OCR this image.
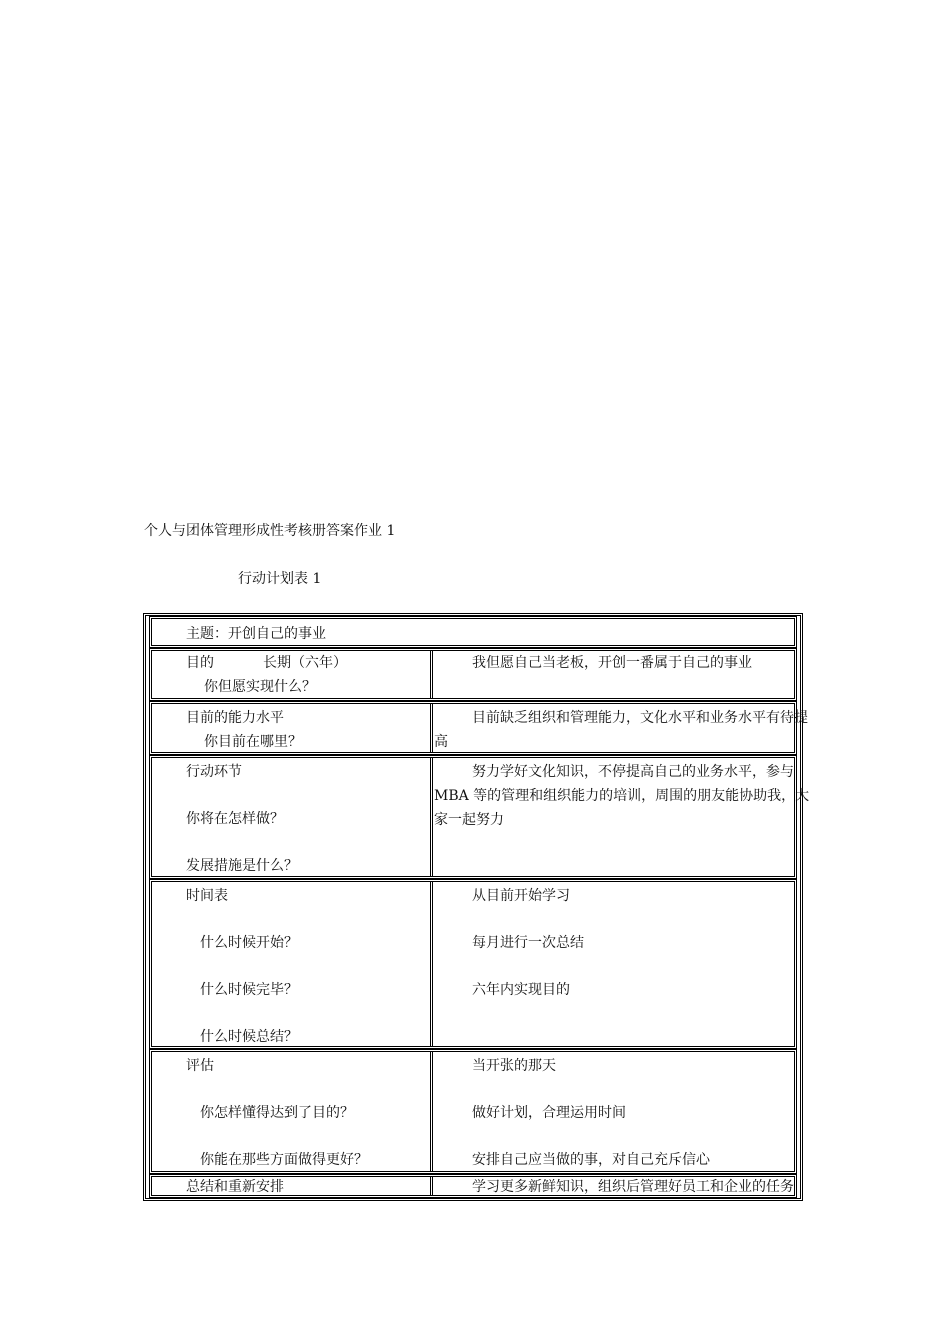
个人与团体管理形成性考核册答案作业 1
行动计划表 1
主题：开创自己的事业
目的	长期（六年）
你但愿实现什么？
我但愿自己当老板，开创一番属于自己的事业
目前的能力水平
你目前在哪里？
目前缺乏组织和管理能力，文化水平和业务水平有待提
高
行动环节
你将在怎样做？
发展措施是什么？
努力学好文化知识，不停提高自己的业务水平，参与
MBA 等的管理和组织能力的培训，周围的朋友能协助我，大
家一起努力
时间表
什么时候开始？
什么时候完毕？
什么时候总结？
从目前开始学习
每月进行一次总结
六年内实现目的
评估
你怎样懂得达到了目的？
你能在那些方面做得更好？
当开张的那天
做好计划，合理运用时间
安排自己应当做的事，对自己充斥信心
总结和重新安排	学习更多新鲜知识，组织后管理好员工和企业的任务
